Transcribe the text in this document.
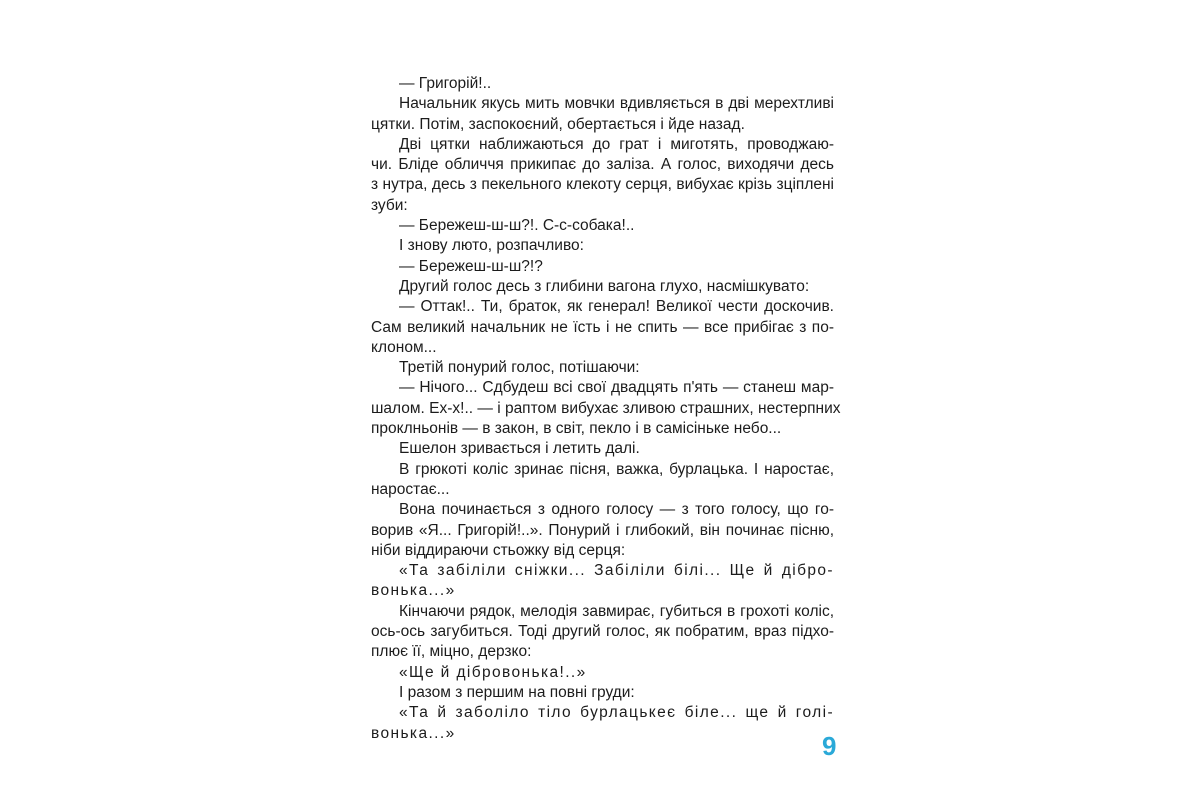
— Григорій!..
Начальник якусь мить мовчки вдивляється в дві мерехтливі
цятки. Потім, заспокоєний, обертається і йде назад.
Дві цятки наближаються до грат і миготять, проводжаю-
чи. Бліде обличчя прикипає до заліза. А голос, виходячи десь
з нутра, десь з пекельного клекоту серця, вибухає крізь зціплені
зуби:
— Бережеш-ш-ш?!. С-с-собака!..
І знову люто, розпачливо:
— Бережеш-ш-ш?!?
Другий голос десь з глибини вагона глухо, насмішкувато:
— Оттак!.. Ти, браток, як генерал! Великої чести доскочив.
Сам великий начальник не їсть і не спить — все прибігає з по-
клоном...
Третій понурий голос, потішаючи:
— Нічого... Сдбудеш всі свої двадцять п'ять — станеш мар-
шалом. Ех-х!.. — і раптом вибухає зливою страшних, нестерпних
проклньонів — в закон, в світ, пекло і в самісіньке небо...
Ешелон зривається і летить далі.
В грюкоті коліс зринає пісня, важка, бурлацька. І наростає,
наростає...
Вона починається з одного голосу — з того голосу, що го-
ворив «Я... Григорій!..». Понурий і глибокий, він починає пісню,
ніби віддираючи стьожку від серця:
«Та забіліли сніжки... Забіліли білі... Ще й дібро-
вонька...»
Кінчаючи рядок, мелодія завмирає, губиться в грохоті коліс,
ось-ось загубиться. Тоді другий голос, як побратим, враз підхо-
плює її, міцно, дерзко:
«Ще й дібровонька!..»
І разом з першим на повні груди:
«Та й заболіло тіло бурлацькеє біле... ще й голі-
вонька...»	9
